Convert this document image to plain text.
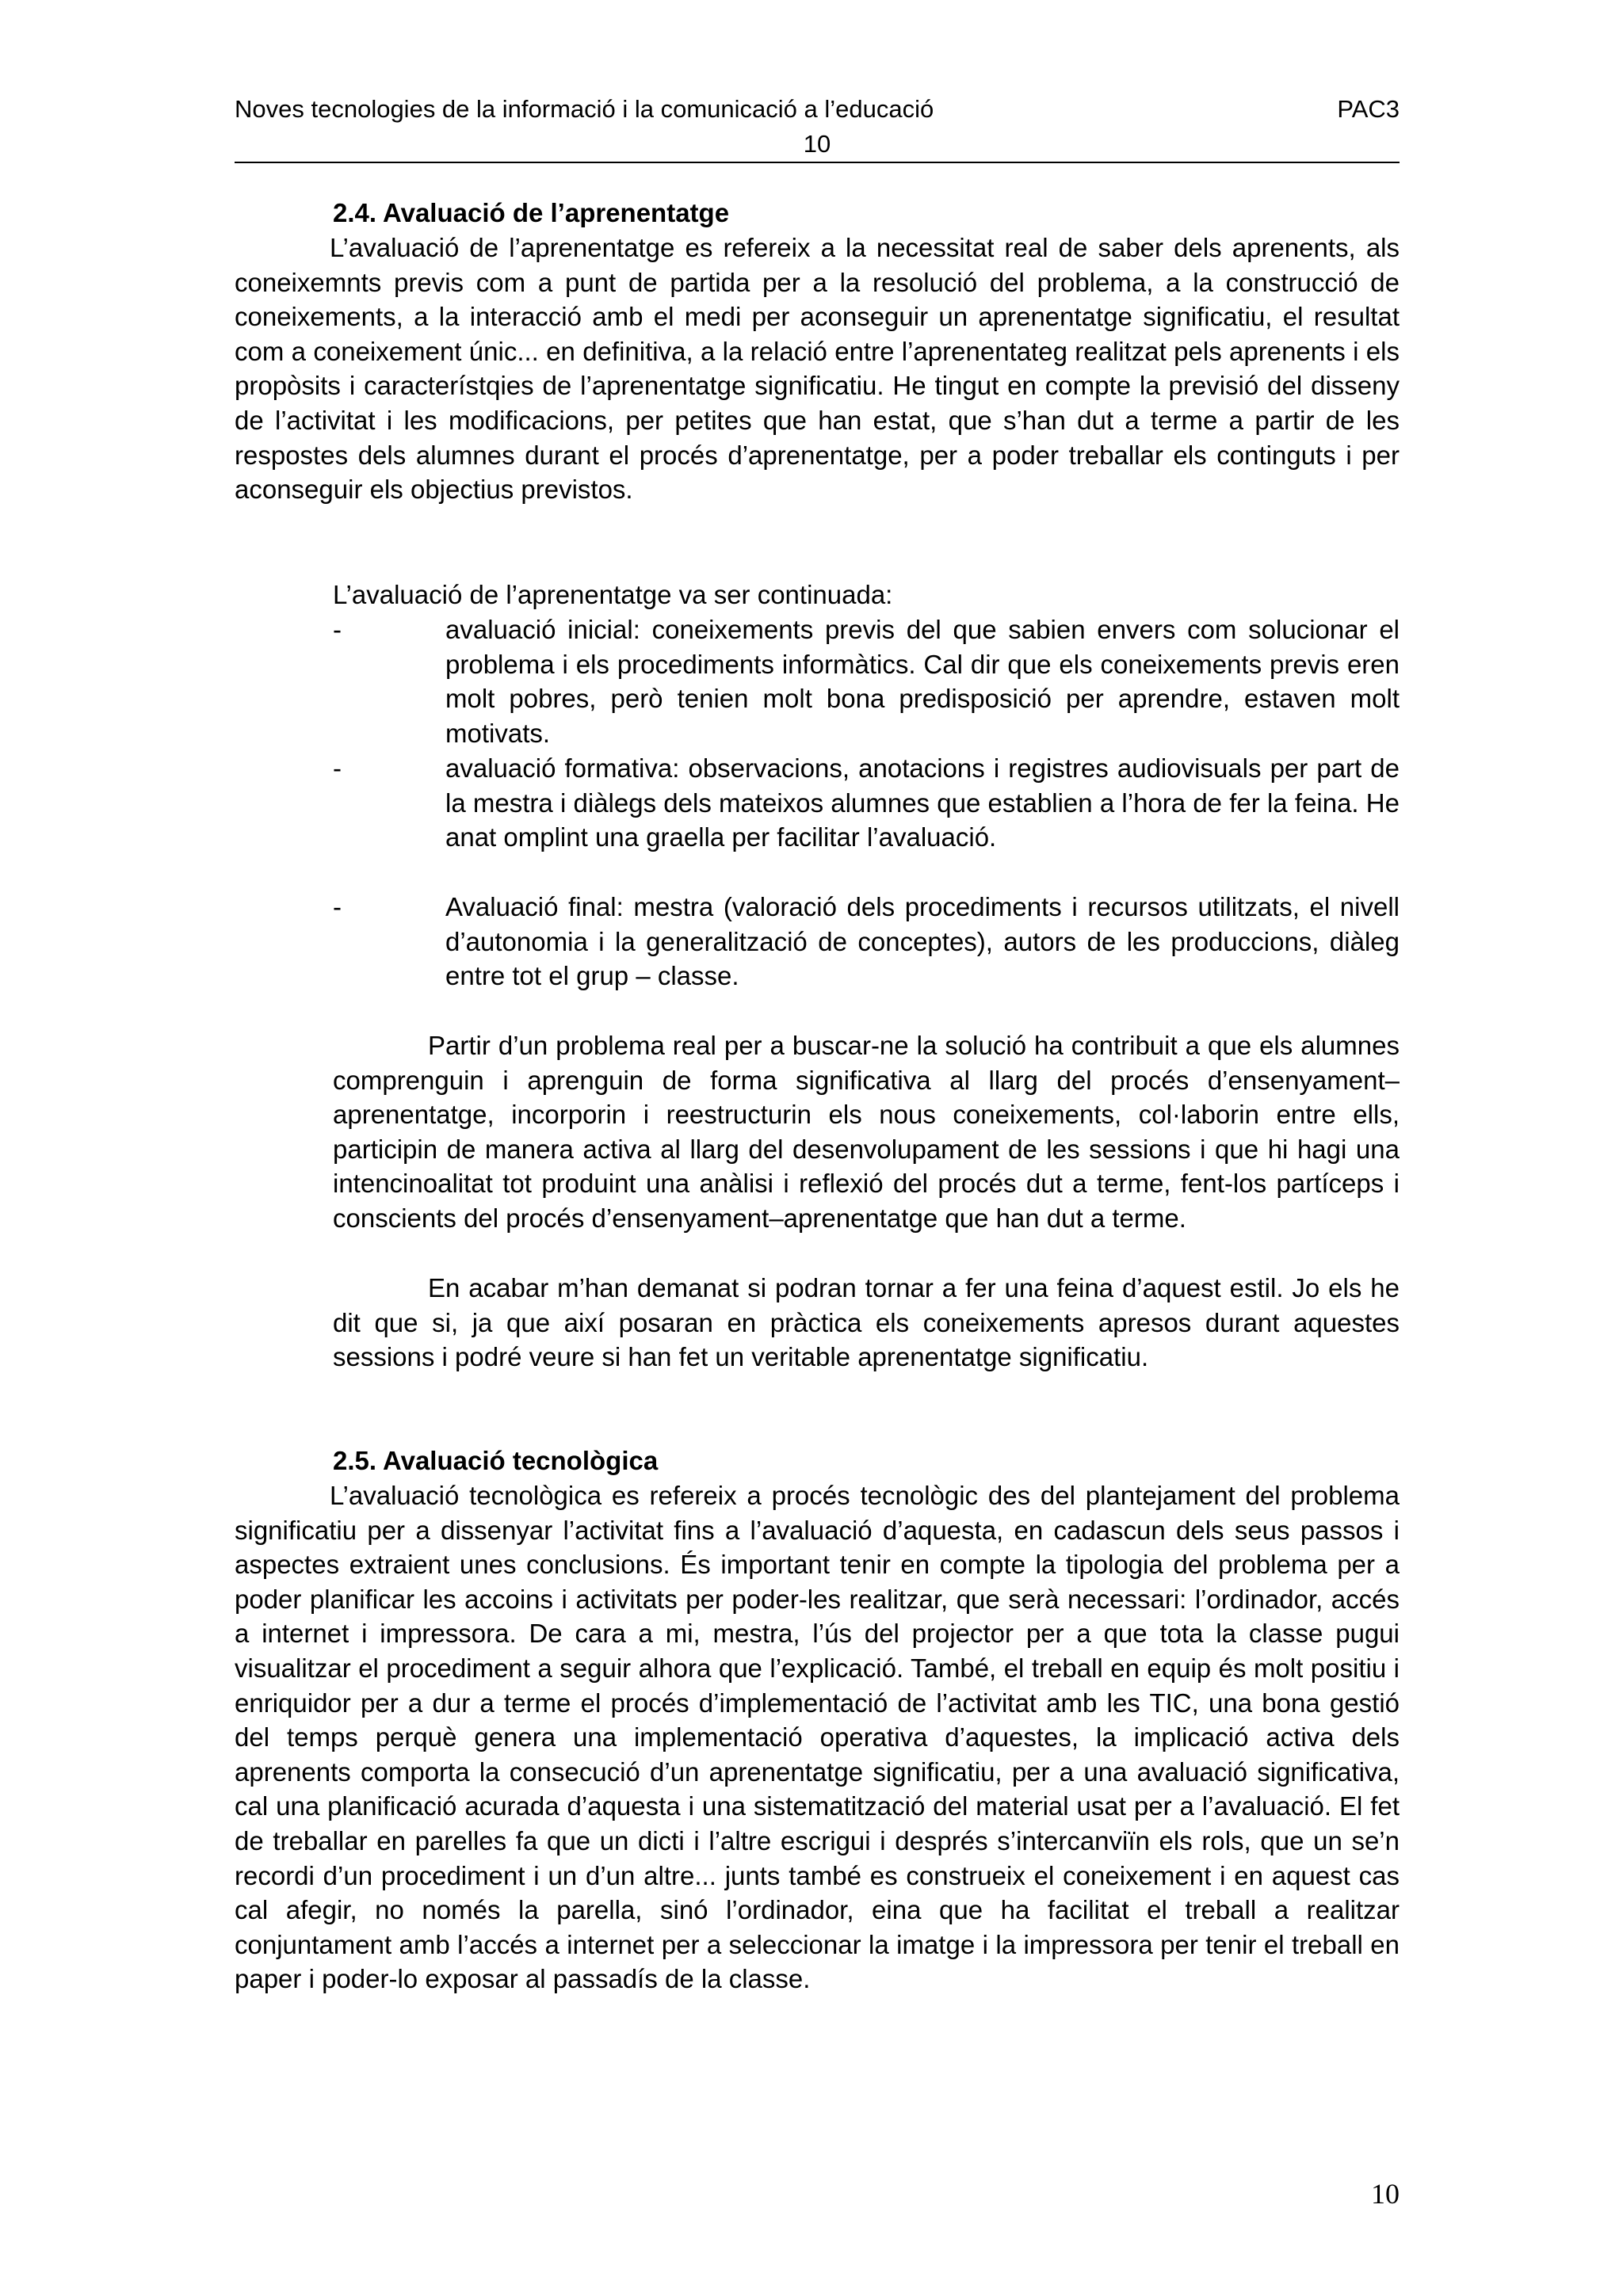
Noves tecnologies de la informació i la comunicació a l’educació	PAC3
10
2.4. Avaluació de l’aprenentatge
L’avaluació de l’aprenentatge es refereix a la necessitat real de saber dels aprenents, als coneixemnts previs com a punt de partida per a la resolució del problema, a la construcció de coneixements, a la interacció amb el medi per aconseguir un aprenentatge significatiu, el resultat com a coneixement únic... en definitiva, a la relació entre l’aprenentateg realitzat pels aprenents i els propòsits i característqies de l’aprenentatge significatiu. He tingut en compte la previsió del disseny de l’activitat i les modificacions, per petites que han estat, que s’han dut a terme a partir de les respostes dels alumnes durant el procés d’aprenentatge, per a poder treballar els continguts i per aconseguir els objectius previstos.
L’avaluació de l’aprenentatge va ser continuada:
-	avaluació inicial: coneixements previs del que sabien envers com solucionar el problema i els procediments informàtics. Cal dir que els coneixements previs eren molt pobres, però tenien molt bona predisposició per aprendre, estaven molt motivats.
-	avaluació formativa: observacions, anotacions i registres audiovisuals per part de la mestra i diàlegs dels mateixos alumnes que establien a l’hora de fer la feina. He anat omplint una graella per facilitar l’avaluació.
-	Avaluació final: mestra (valoració dels procediments i recursos utilitzats, el nivell d’autonomia i la generalització de conceptes), autors de les produccions, diàleg entre tot el grup – classe.
Partir d’un problema real per a buscar-ne la solució ha contribuit a que els alumnes comprenguin i aprenguin de forma significativa al llarg del procés d’ensenyament–aprenentatge, incorporin i reestructurin els nous coneixements, col·laborin entre ells, participin de manera activa al llarg del desenvolupament de les sessions i que hi hagi una intencinoalitat tot produint una anàlisi i reflexió del procés dut a terme, fent-los partíceps i conscients del procés d’ensenyament–aprenentatge que han dut a terme.
En acabar m’han demanat si podran tornar a fer una feina d’aquest estil. Jo els he dit que si, ja que així posaran en pràctica els coneixements apresos durant aquestes sessions i podré veure si han fet un veritable aprenentatge significatiu.
2.5. Avaluació tecnològica
L’avaluació tecnològica es refereix a procés tecnològic des del plantejament del problema significatiu per a dissenyar l’activitat fins a l’avaluació d’aquesta, en cadascun dels seus passos i aspectes extraient unes conclusions. És important tenir en compte la tipologia del problema per a poder planificar les accoins i activitats per poder-les realitzar, que serà necessari: l’ordinador, accés a internet i impressora. De cara a mi, mestra, l’ús del projector per a que tota la classe pugui visualitzar el procediment a seguir alhora que l’explicació. També, el treball en equip és molt positiu i enriquidor per a dur a terme el procés d’implementació de l’activitat amb les TIC, una bona gestió del temps perquè genera una implementació operativa d’aquestes, la implicació activa dels aprenents comporta la consecució d’un aprenentatge significatiu, per a una avaluació significativa, cal una planificació acurada d’aquesta i una sistematització del material usat per a l’avaluació. El fet de treballar en parelles fa que un dicti i l’altre escrigui i després s’intercanviïn els rols, que un se’n recordi d’un procediment i un d’un altre... junts també es construeix el coneixement i en aquest cas cal afegir, no només la parella, sinó l’ordinador, eina que ha facilitat el treball a realitzar conjuntament amb l’accés a internet per a seleccionar la imatge i la impressora per tenir el treball en paper i poder-lo exposar al passadís de la classe.
10
